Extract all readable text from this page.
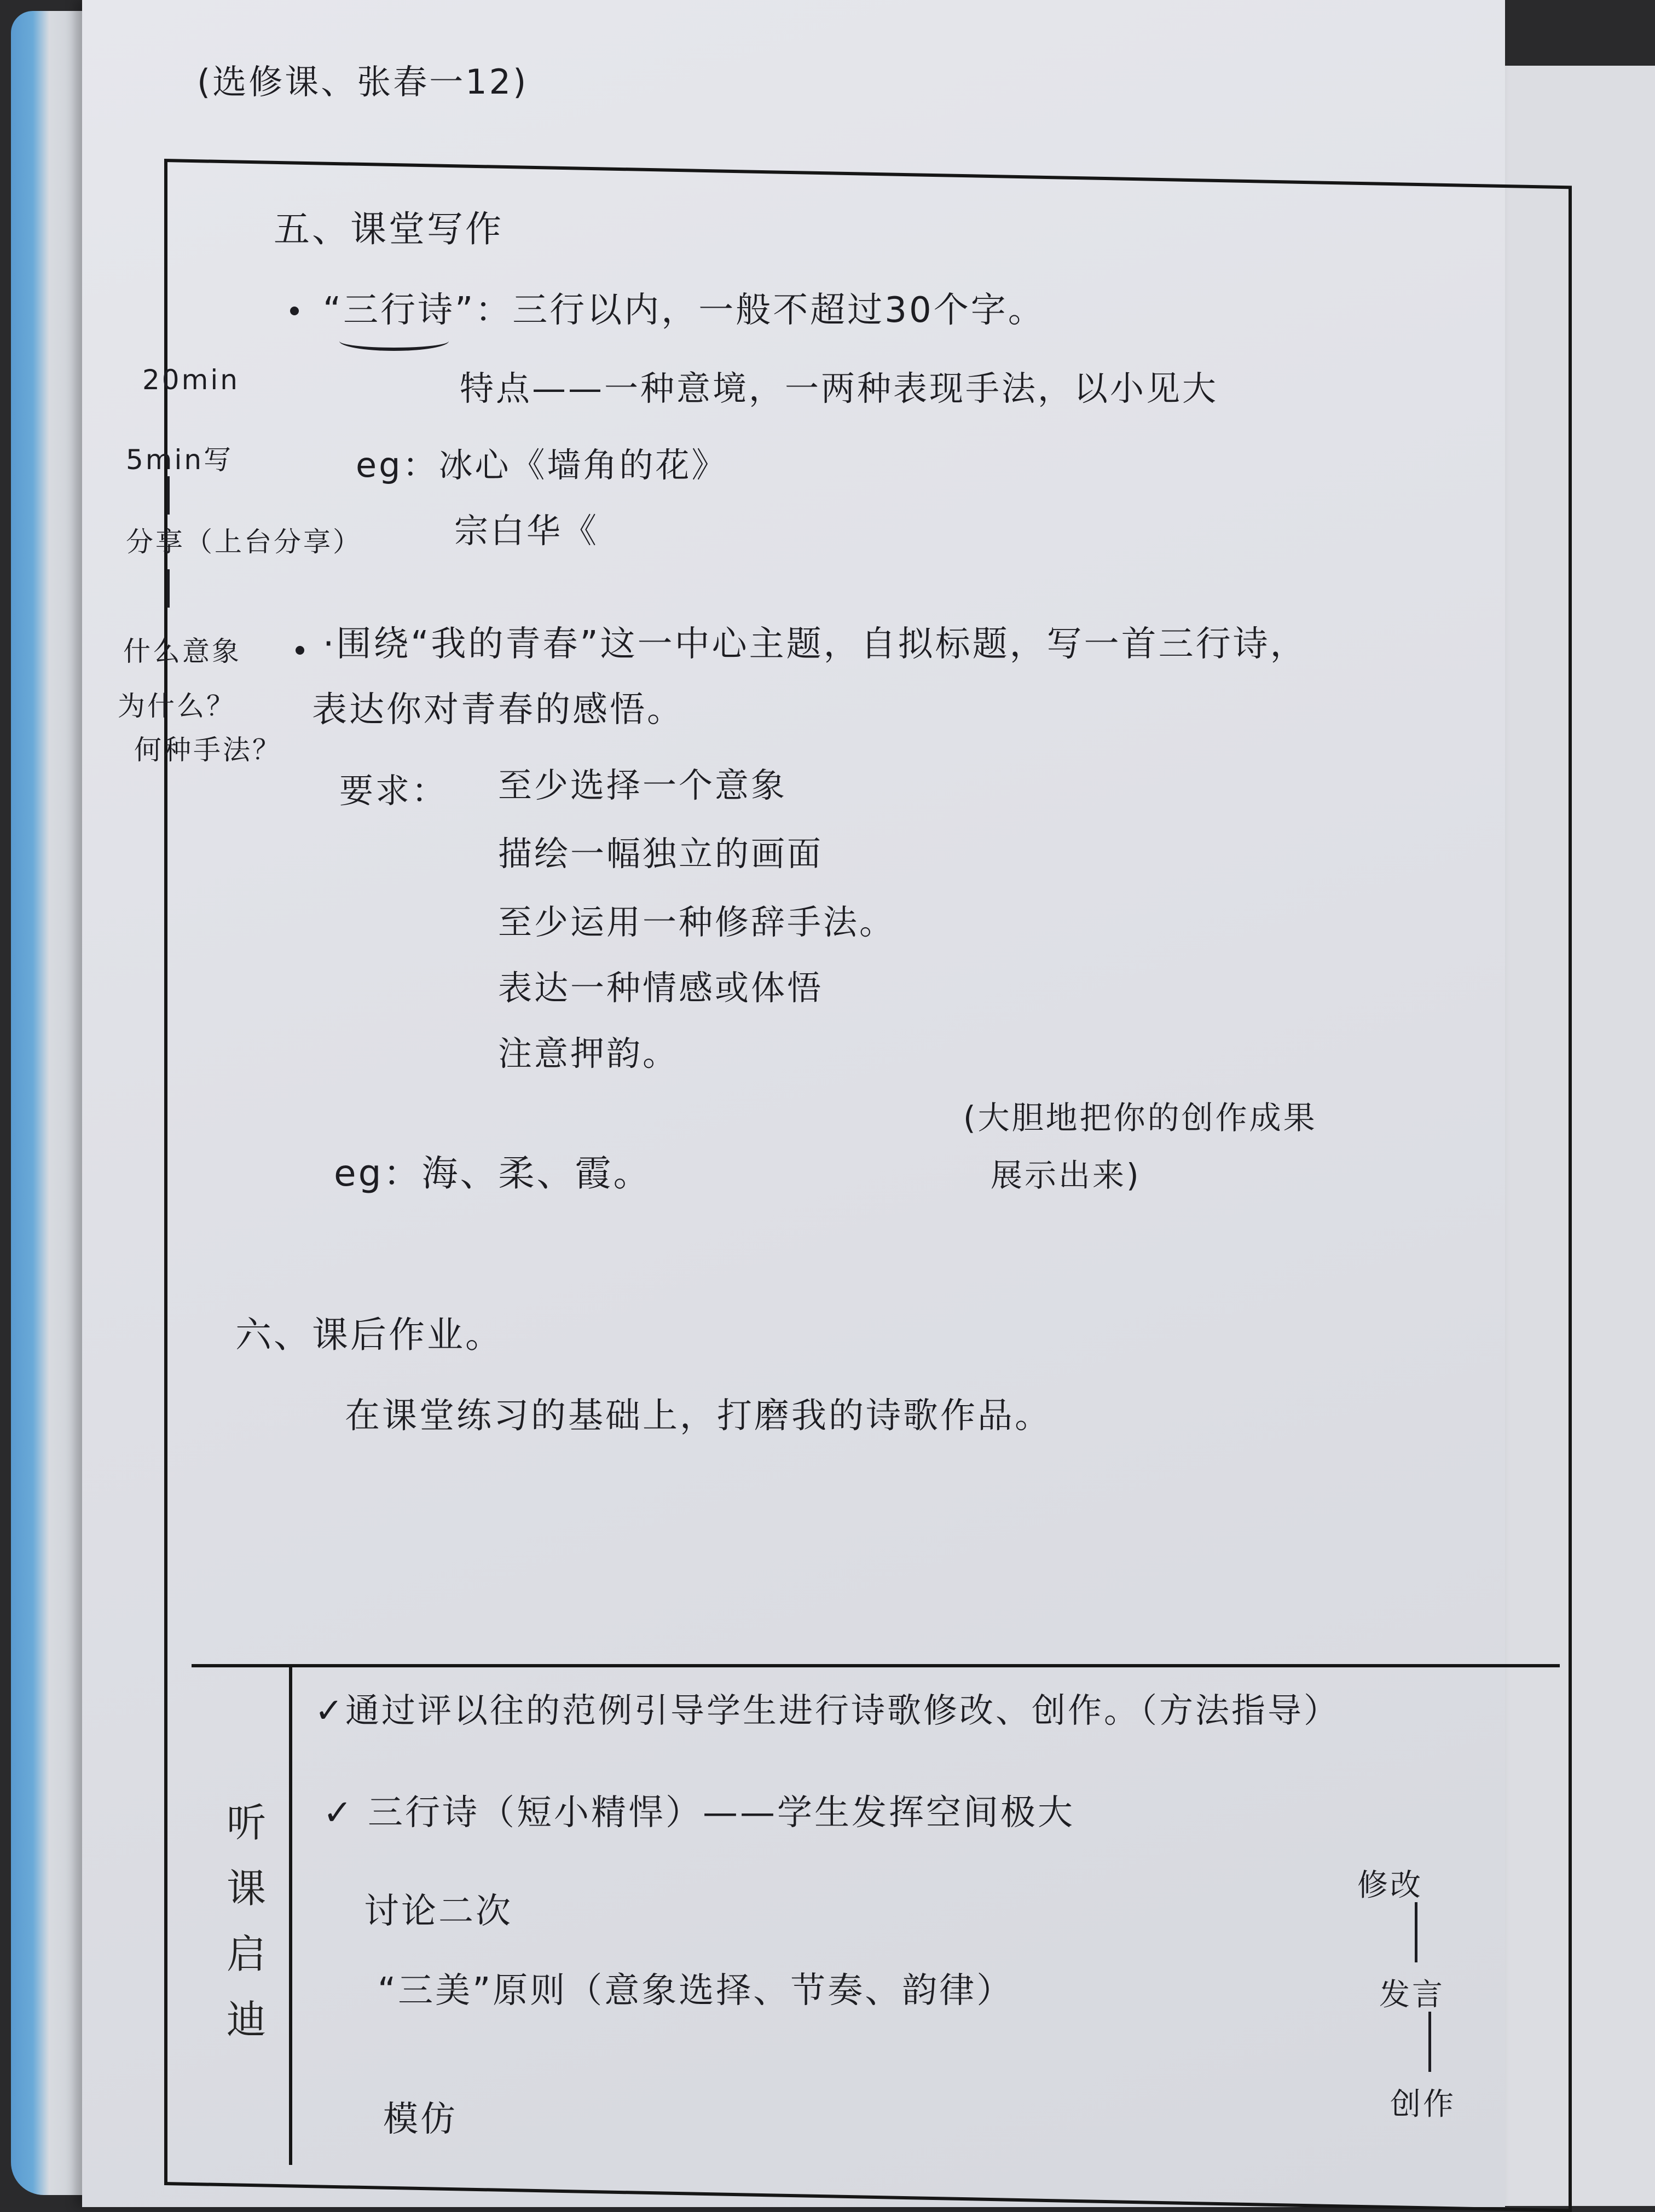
(选修课、张春一12)
五、课堂写作
“三行诗”：三行以内，一般不超过30个字。
特点——一种意境，一两种表现手法，以小见大
eg：冰心《墙角的花》
宗白华《
·围绕“我的青春”这一中心主题，自拟标题，写一首三行诗，
表达你对青春的感悟。
要求： 至少选择一个意象
描绘一幅独立的画面
至少运用一种修辞手法。
表达一种情感或体悟
注意押韵。
eg：海、柔、霞。
(大胆地把你的创作成果
展示出来)
六、课后作业。
在课堂练习的基础上，打磨我的诗歌作品。
20min
5min写
分享（上台分享）
什么意象
为什么？
何种手法？
听
课
启
迪
✓通过评以往的范例引导学生进行诗歌修改、创作。（方法指导）
✓ 三行诗（短小精悍）——学生发挥空间极大
讨论二次
“三美”原则（意象选择、节奏、韵律）
模仿
修改
发言
创作
